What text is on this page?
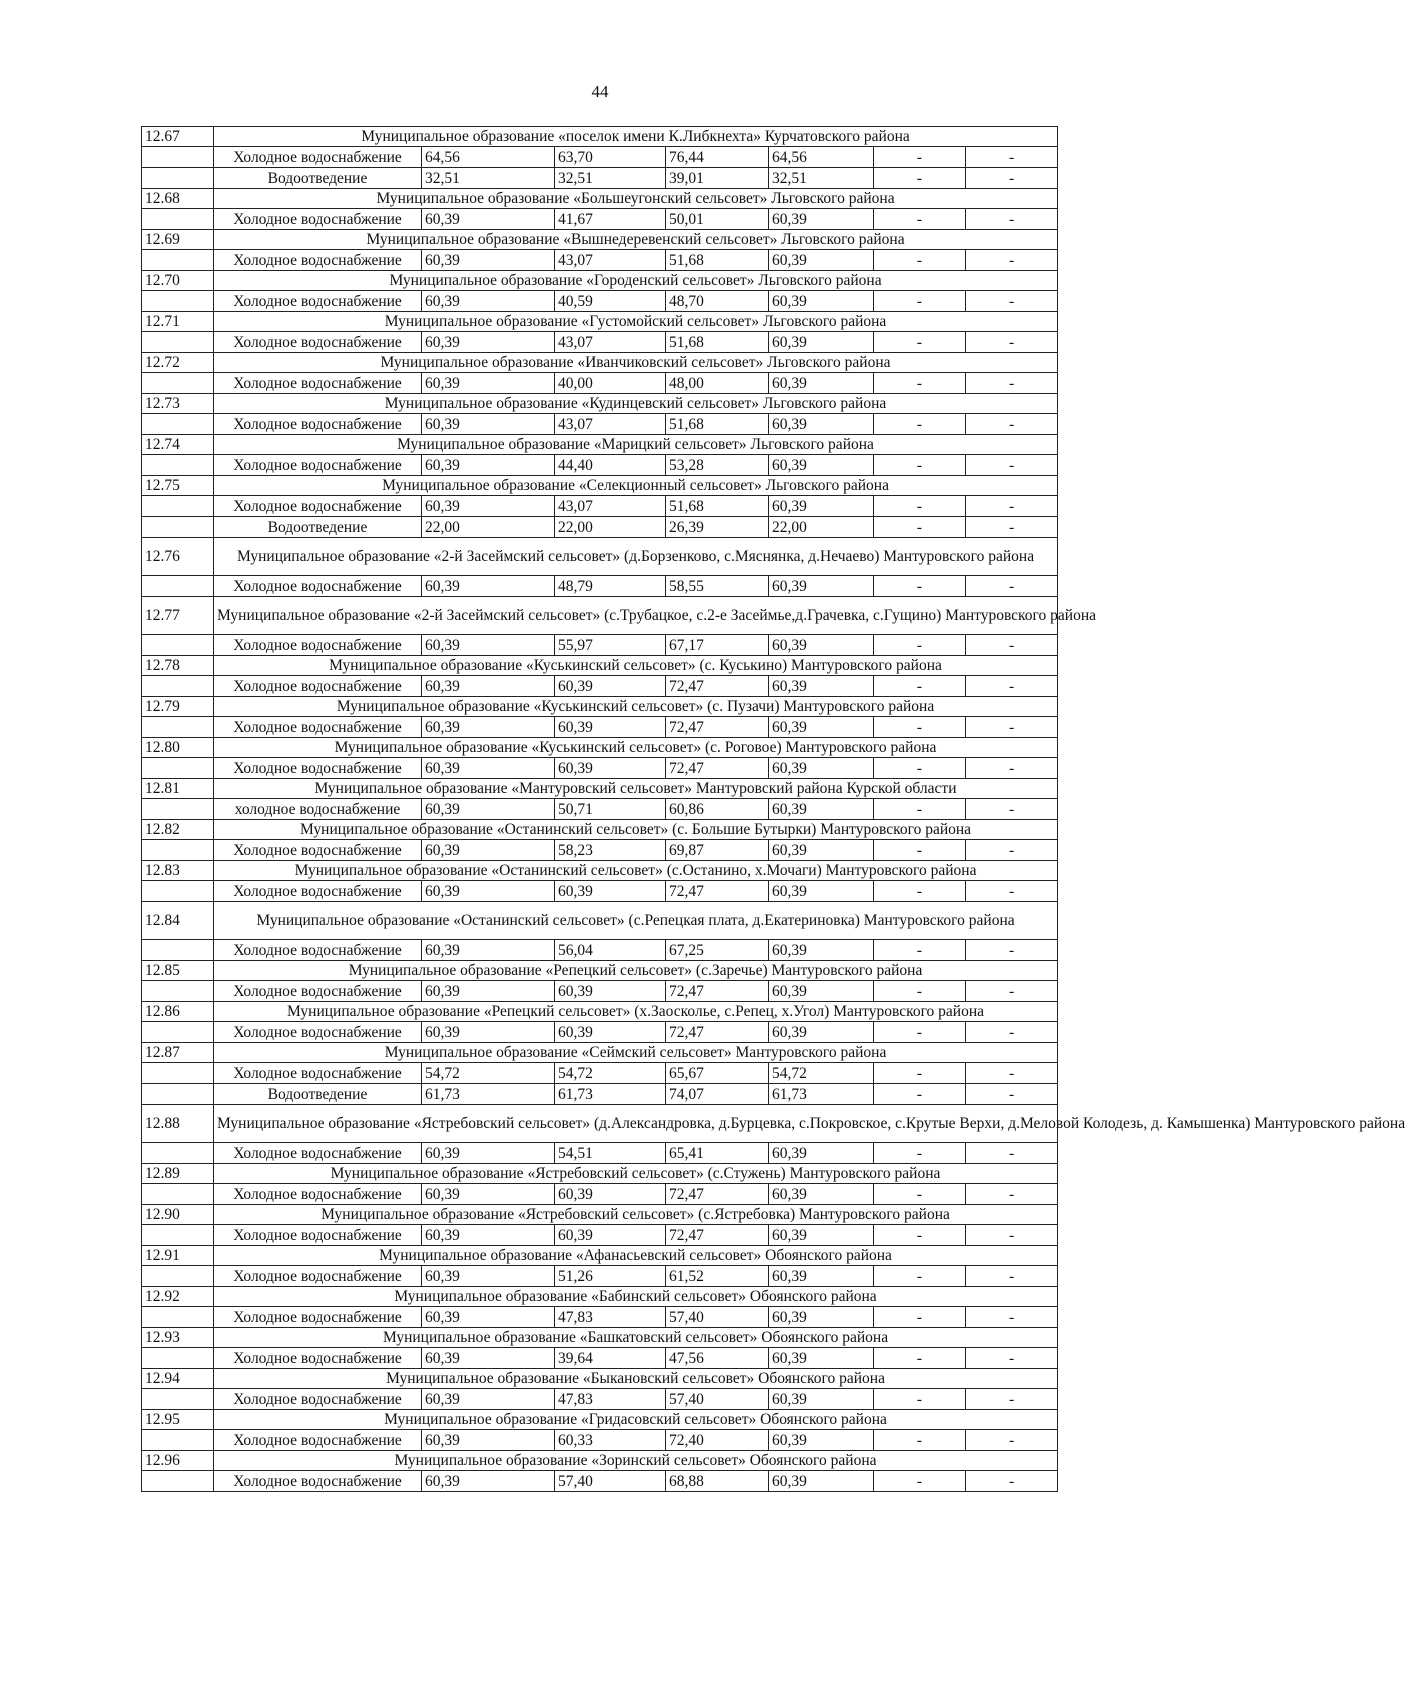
44
12.67	Муниципальное образование «поселок имени К.Либкнехта» Курчатовского района						
	Холодное водоснабжение	64,56	63,70	76,44	64,56	-	-
	Водоотведение	32,51	32,51	39,01	32,51	-	-
12.68	Муниципальное образование «Большеугонский сельсовет» Льговского района						
	Холодное водоснабжение	60,39	41,67	50,01	60,39	-	-
12.69	Муниципальное образование «Вышнедеревенский сельсовет» Льговского района						
	Холодное водоснабжение	60,39	43,07	51,68	60,39	-	-
12.70	Муниципальное образование «Городенский сельсовет» Льговского района						
	Холодное водоснабжение	60,39	40,59	48,70	60,39	-	-
12.71	Муниципальное образование «Густомойский сельсовет» Льговского района						
	Холодное водоснабжение	60,39	43,07	51,68	60,39	-	-
12.72	Муниципальное образование «Иванчиковский сельсовет» Льговского района						
	Холодное водоснабжение	60,39	40,00	48,00	60,39	-	-
12.73	Муниципальное образование «Кудинцевский сельсовет» Льговского района						
	Холодное водоснабжение	60,39	43,07	51,68	60,39	-	-
12.74	Муниципальное образование «Марицкий сельсовет» Льговского района						
	Холодное водоснабжение	60,39	44,40	53,28	60,39	-	-
12.75	Муниципальное образование «Селекционный сельсовет» Льговского района						
	Холодное водоснабжение	60,39	43,07	51,68	60,39	-	-
	Водоотведение	22,00	22,00	26,39	22,00	-	-
12.76	Муниципальное образование «2-й Засеймский сельсовет» (д.Борзенково, с.Мяснянка, д.Нечаево) Мантуровского района						
	Холодное водоснабжение	60,39	48,79	58,55	60,39	-	-
12.77	Муниципальное образование «2-й Засеймский сельсовет» (с.Трубацкое, с.2-е Засеймье,д.Грачевка, с.Гущино) Мантуровского района						
	Холодное водоснабжение	60,39	55,97	67,17	60,39	-	-
12.78	Муниципальное образование «Куськинский сельсовет» (с. Куськино) Мантуровского района						
	Холодное водоснабжение	60,39	60,39	72,47	60,39	-	-
12.79	Муниципальное образование «Куськинский сельсовет» (с. Пузачи) Мантуровского района						
	Холодное водоснабжение	60,39	60,39	72,47	60,39	-	-
12.80	Муниципальное образование «Куськинский сельсовет» (с. Роговое) Мантуровского района						
	Холодное водоснабжение	60,39	60,39	72,47	60,39	-	-
12.81	Муниципальное образование «Мантуровский сельсовет» Мантуровский района Курской области						
	холодное водоснабжение	60,39	50,71	60,86	60,39	-	-
12.82	Муниципальное образование «Останинский сельсовет» (с. Большие Бутырки) Мантуровского района						
	Холодное водоснабжение	60,39	58,23	69,87	60,39	-	-
12.83	Муниципальное образование «Останинский сельсовет» (с.Останино, х.Мочаги) Мантуровского района						
	Холодное водоснабжение	60,39	60,39	72,47	60,39	-	-
12.84	Муниципальное образование «Останинский сельсовет» (с.Репецкая плата, д.Екатериновка) Мантуровского района						
	Холодное водоснабжение	60,39	56,04	67,25	60,39	-	-
12.85	Муниципальное образование «Репецкий сельсовет» (с.Заречье) Мантуровского района						
	Холодное водоснабжение	60,39	60,39	72,47	60,39	-	-
12.86	Муниципальное образование «Репецкий сельсовет» (х.Заосколье, с.Репец, х.Угол) Мантуровского района						
	Холодное водоснабжение	60,39	60,39	72,47	60,39	-	-
12.87	Муниципальное образование «Сеймский сельсовет» Мантуровского района						
	Холодное водоснабжение	54,72	54,72	65,67	54,72	-	-
	Водоотведение	61,73	61,73	74,07	61,73	-	-
12.88	Муниципальное образование «Ястребовский сельсовет» (д.Александровка, д.Бурцевка, с.Покровское, с.Крутые Верхи, д.Меловой Колодезь, д. Камышенка) Мантуровского района						
	Холодное водоснабжение	60,39	54,51	65,41	60,39	-	-
12.89	Муниципальное образование «Ястребовский сельсовет» (с.Стужень) Мантуровского района						
	Холодное водоснабжение	60,39	60,39	72,47	60,39	-	-
12.90	Муниципальное образование «Ястребовский сельсовет» (с.Ястребовка) Мантуровского района						
	Холодное водоснабжение	60,39	60,39	72,47	60,39	-	-
12.91	Муниципальное образование «Афанасьевский сельсовет» Обоянского района						
	Холодное водоснабжение	60,39	51,26	61,52	60,39	-	-
12.92	Муниципальное образование «Бабинский сельсовет» Обоянского района						
	Холодное водоснабжение	60,39	47,83	57,40	60,39	-	-
12.93	Муниципальное образование «Башкатовский сельсовет» Обоянского района						
	Холодное водоснабжение	60,39	39,64	47,56	60,39	-	-
12.94	Муниципальное образование «Быкановский сельсовет» Обоянского района						
	Холодное водоснабжение	60,39	47,83	57,40	60,39	-	-
12.95	Муниципальное образование «Гридасовский сельсовет» Обоянского района						
	Холодное водоснабжение	60,39	60,33	72,40	60,39	-	-
12.96	Муниципальное образование «Зоринский сельсовет» Обоянского района						
	Холодное водоснабжение	60,39	57,40	68,88	60,39	-	-
